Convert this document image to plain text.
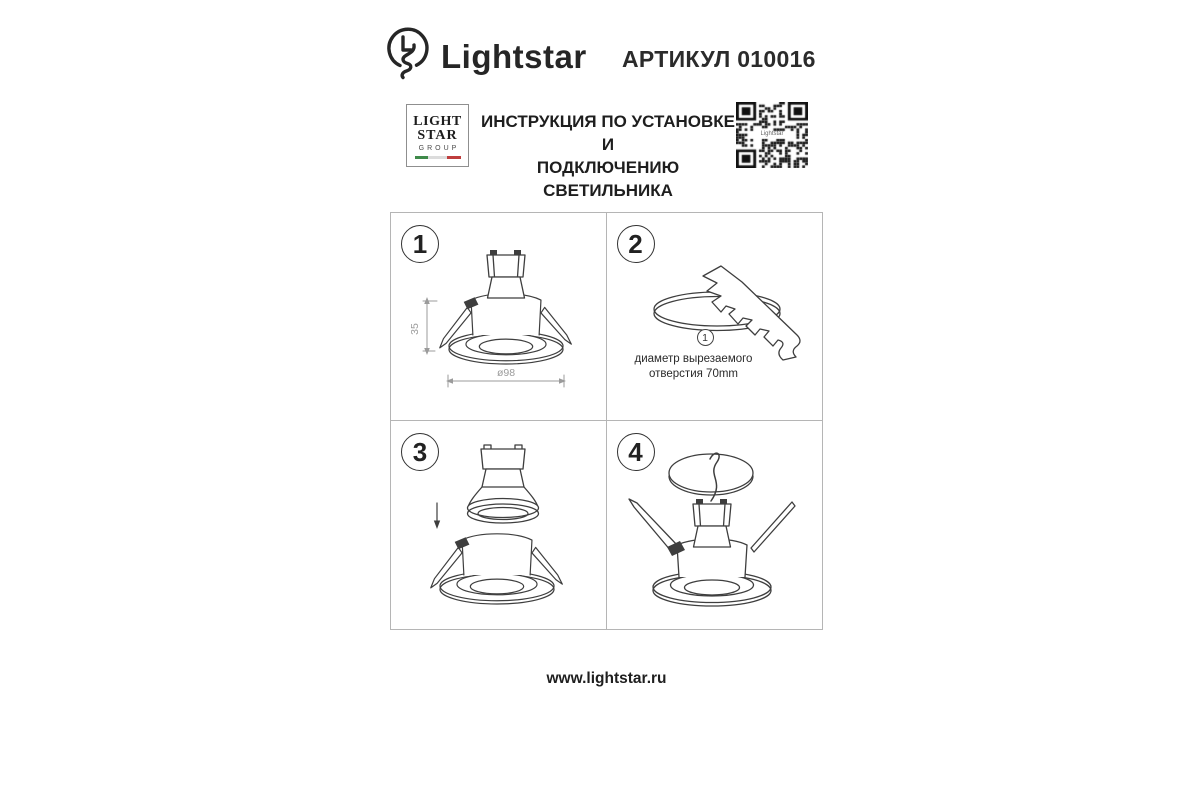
Lightstar АРТИКУЛ 010016
LIGHT
STAR
GROUP
ИНСТРУКЦИЯ ПО УСТАНОВКЕ И
ПОДКЛЮЧЕНИЮ СВЕТИЛЬНИКА
Lightstar
35
ø98
1
1
диаметр вырезаемого
отверстия 70mm
2
3	4
www.lightstar.ru
